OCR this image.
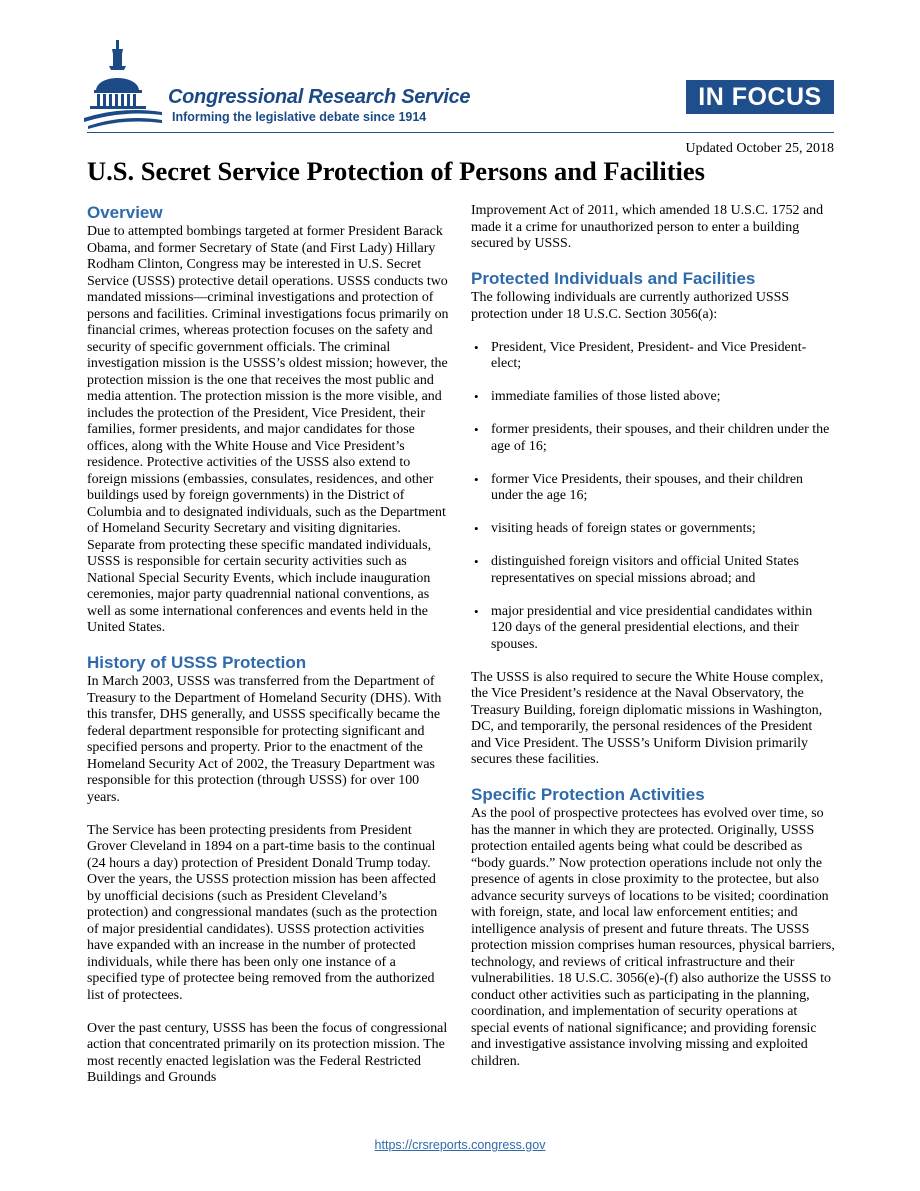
Congressional Research Service

Informing the legislative debate since 1914

IN FOCUS

Updated October 25, 2018

U.S. Secret Service Protection of Persons and Facilities
Overview

Due to attempted bombings targeted at former President Barack Obama, and former Secretary of State (and First Lady) Hillary Rodham Clinton, Congress may be interested in U.S. Secret Service (USSS) protective detail operations. USSS conducts two mandated missions—criminal investigations and protection of persons and facilities. Criminal investigations focus primarily on financial crimes, whereas protection focuses on the safety and security of specific government officials. The criminal investigation mission is the USSS’s oldest mission; however, the protection mission is the one that receives the most public and media attention. The protection mission is the more visible, and includes the protection of the President, Vice President, their families, former presidents, and major candidates for those offices, along with the White House and Vice President’s residence. Protective activities of the USSS also extend to foreign missions (embassies, consulates, residences, and other buildings used by foreign governments) in the District of Columbia and to designated individuals, such as the Department of Homeland Security Secretary and visiting dignitaries. Separate from protecting these specific mandated individuals, USSS is responsible for certain security activities such as National Special Security Events, which include inauguration ceremonies, major party quadrennial national conventions, as well as some international conferences and events held in the United States.

History of USSS Protection

In March 2003, USSS was transferred from the Department of Treasury to the Department of Homeland Security (DHS). With this transfer, DHS generally, and USSS specifically became the federal department responsible for protecting significant and specified persons and property. Prior to the enactment of the Homeland Security Act of 2002, the Treasury Department was responsible for this protection (through USSS) for over 100 years.

The Service has been protecting presidents from President Grover Cleveland in 1894 on a part-time basis to the continual (24 hours a day) protection of President Donald Trump today. Over the years, the USSS protection mission has been affected by unofficial decisions (such as President Cleveland’s protection) and congressional mandates (such as the protection of major presidential candidates). USSS protection activities have expanded with an increase in the number of protected individuals, while there has been only one instance of a specified type of protectee being removed from the authorized list of protectees.

Over the past century, USSS has been the focus of congressional action that concentrated primarily on its protection mission. The most recently enacted legislation was the Federal Restricted Buildings and Grounds

Improvement Act of 2011, which amended 18 U.S.C. 1752 and made it a crime for unauthorized person to enter a building secured by USSS.

Protected Individuals and Facilities

The following individuals are currently authorized USSS protection under 18 U.S.C. Section 3056(a):

• President, Vice President, President- and Vice President- elect;
• immediate families of those listed above;
• former presidents, their spouses, and their children under the age of 16;
• former Vice Presidents, their spouses, and their children under the age 16;
• visiting heads of foreign states or governments;
• distinguished foreign visitors and official United States representatives on special missions abroad; and
• major presidential and vice presidential candidates within 120 days of the general presidential elections, and their spouses.

The USSS is also required to secure the White House complex, the Vice President’s residence at the Naval Observatory, the Treasury Building, foreign diplomatic missions in Washington, DC, and temporarily, the personal residences of the President and Vice President. The USSS’s Uniform Division primarily secures these facilities.

Specific Protection Activities

As the pool of prospective protectees has evolved over time, so has the manner in which they are protected. Originally, USSS protection entailed agents being what could be described as “body guards.” Now protection operations include not only the presence of agents in close proximity to the protectee, but also advance security surveys of locations to be visited; coordination with foreign, state, and local law enforcement entities; and intelligence analysis of present and future threats. The USSS protection mission comprises human resources, physical barriers, technology, and reviews of critical infrastructure and their vulnerabilities. 18 U.S.C. 3056(e)-(f) also authorize the USSS to conduct other activities such as participating in the planning, coordination, and implementation of security operations at special events of national significance; and providing forensic and investigative assistance involving missing and exploited children.

https://crsreports.congress.gov
